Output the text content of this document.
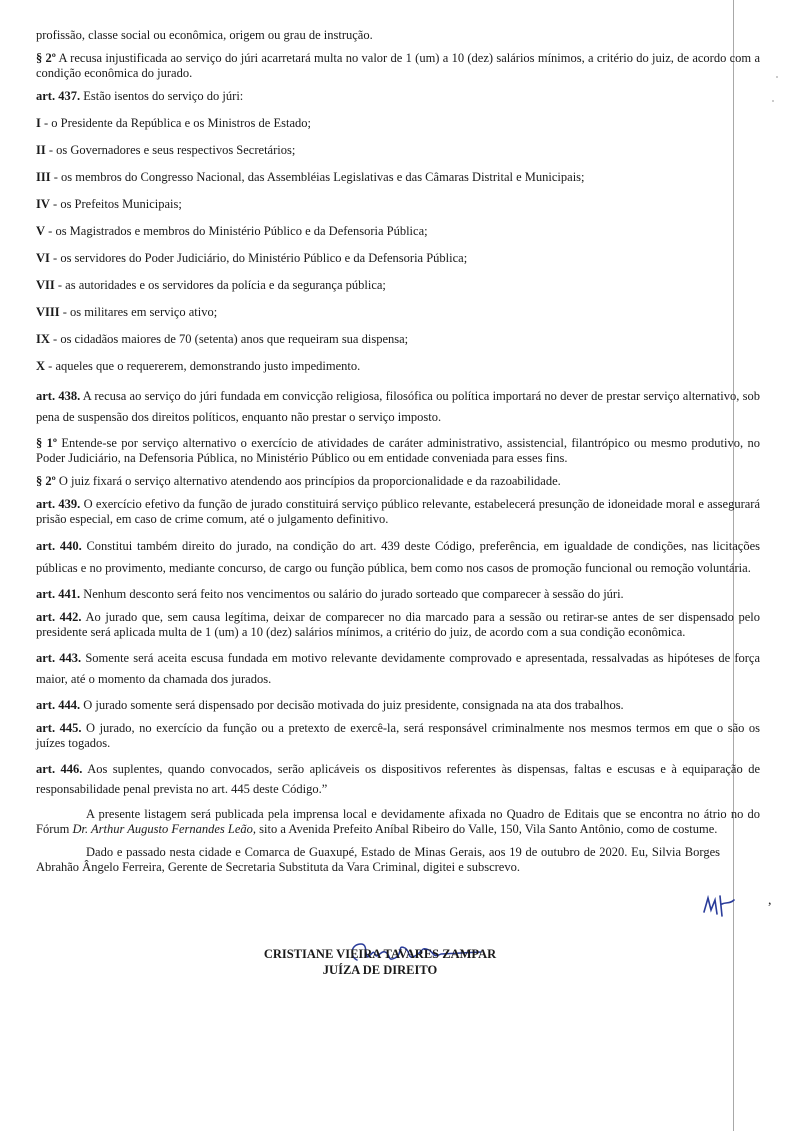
profissão, classe social ou econômica, origem ou grau de instrução.

§ 2º A recusa injustificada ao serviço do júri acarretará multa no valor de 1 (um) a 10 (dez) salários mínimos, a critério do juiz, de acordo com a condição econômica do jurado.

art. 437. Estão isentos do serviço do júri:

I - o Presidente da República e os Ministros de Estado;

II - os Governadores e seus respectivos Secretários;

III - os membros do Congresso Nacional, das Assembléias Legislativas e das Câmaras Distrital e Municipais;

IV - os Prefeitos Municipais;

V - os Magistrados e membros do Ministério Público e da Defensoria Pública;

VI - os servidores do Poder Judiciário, do Ministério Público e da Defensoria Pública;

VII - as autoridades e os servidores da polícia e da segurança pública;

VIII - os militares em serviço ativo;

IX - os cidadãos maiores de 70 (setenta) anos que requeiram sua dispensa;

X - aqueles que o requererem, demonstrando justo impedimento.

art. 438. A recusa ao serviço do júri fundada em convicção religiosa, filosófica ou política importará no dever de prestar serviço alternativo, sob pena de suspensão dos direitos políticos, enquanto não prestar o serviço imposto.

§ 1º Entende-se por serviço alternativo o exercício de atividades de caráter administrativo, assistencial, filantrópico ou mesmo produtivo, no Poder Judiciário, na Defensoria Pública, no Ministério Público ou em entidade conveniada para esses fins.

§ 2º O juiz fixará o serviço alternativo atendendo aos princípios da proporcionalidade e da razoabilidade.

art. 439. O exercício efetivo da função de jurado constituirá serviço público relevante, estabelecerá presunção de idoneidade moral e assegurará prisão especial, em caso de crime comum, até o julgamento definitivo.

art. 440. Constitui também direito do jurado, na condição do art. 439 deste Código, preferência, em igualdade de condições, nas licitações públicas e no provimento, mediante concurso, de cargo ou função pública, bem como nos casos de promoção funcional ou remoção voluntária.

art. 441. Nenhum desconto será feito nos vencimentos ou salário do jurado sorteado que comparecer à sessão do júri.

art. 442. Ao jurado que, sem causa legítima, deixar de comparecer no dia marcado para a sessão ou retirar-se antes de ser dispensado pelo presidente será aplicada multa de 1 (um) a 10 (dez) salários mínimos, a critério do juiz, de acordo com a sua condição econômica.

art. 443. Somente será aceita escusa fundada em motivo relevante devidamente comprovado e apresentada, ressalvadas as hipóteses de força maior, até o momento da chamada dos jurados.

art. 444. O jurado somente será dispensado por decisão motivada do juiz presidente, consignada na ata dos trabalhos.

art. 445. O jurado, no exercício da função ou a pretexto de exercê-la, será responsável criminalmente nos mesmos termos em que o são os juízes togados.

art. 446. Aos suplentes, quando convocados, serão aplicáveis os dispositivos referentes às dispensas, faltas e escusas e à equiparação de responsabilidade penal prevista no art. 445 deste Código.”

A presente listagem será publicada pela imprensa local e devidamente afixada no Quadro de Editais que se encontra no átrio no do Fórum Dr. Arthur Augusto Fernandes Leão, sito a Avenida Prefeito Aníbal Ribeiro do Valle, 150, Vila Santo Antônio, como de costume.

Dado e passado nesta cidade e Comarca de Guaxupé, Estado de Minas Gerais, aos 19 de outubro de 2020. Eu, Silvia Borges Abrahão Ângelo Ferreira, Gerente de Secretaria Substituta da Vara Criminal, digitei e subscrevo.

,
CRISTIANE VIEIRA TAVARES ZAMPAR
JUÍZA DE DIREITO
